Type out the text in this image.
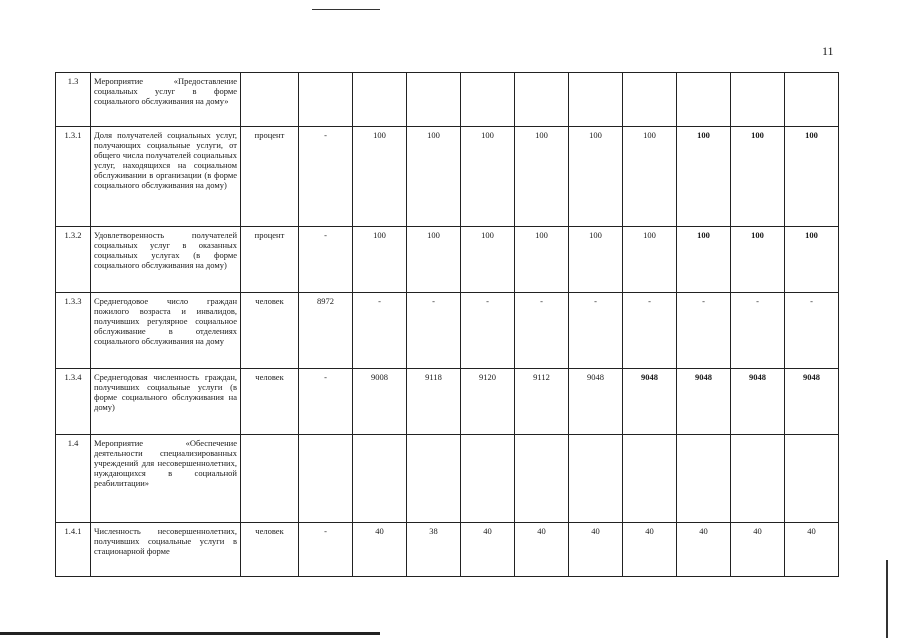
11
1.3	Мероприятие «Предоставление социальных услуг в форме социального обслуживания на дому»											
1.3.1	Доля получателей социальных услуг, получающих социальные услуги, от общего числа получателей социальных услуг, находящихся на социальном обслуживании в организации (в форме социального обслуживания на дому)	процент	-	100	100	100	100	100	100	100	100	100
1.3.2	Удовлетворенность получателей социальных услуг в оказанных социальных услугах (в форме социального обслуживания на дому)	процент	-	100	100	100	100	100	100	100	100	100
1.3.3	Среднегодовое число граждан пожилого возраста и инвалидов, получивших регулярное социальное обслуживание в отделениях социального обслуживания на дому	человек	8972	-	-	-	-	-	-	-	-	-
1.3.4	Среднегодовая численность граждан, получивших социальные услуги (в форме социального обслуживания на дому)	человек	-	9008	9118	9120	9112	9048	9048	9048	9048	9048
1.4	Мероприятие «Обеспечение деятельности специализированных учреждений для несовершеннолетних, нуждающихся в социальной реабилитации»											
1.4.1	Численность несовершеннолетних, получивших социальные услуги в стационарной форме	человек	-	40	38	40	40	40	40	40	40	40
